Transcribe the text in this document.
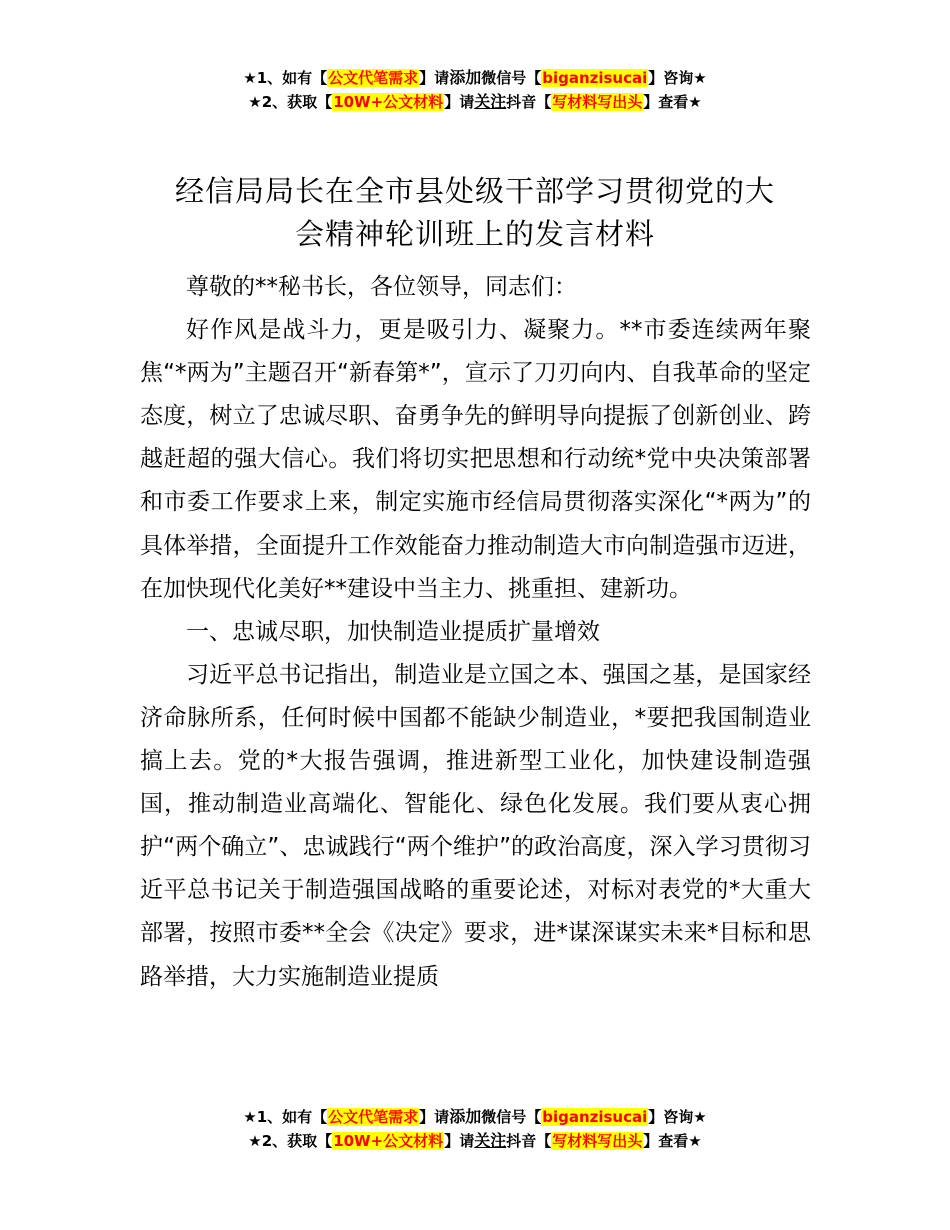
★1、如有【公文代笔需求】请添加微信号【biganzisucai】咨询★
★2、获取【10W+公文材料】请关注抖音【写材料写出头】查看★
经信局局长在全市县处级干部学习贯彻党的大
会精神轮训班上的发言材料

尊敬的**秘书长，各位领导，同志们：

好作风是战斗力，更是吸引力、凝聚力。**市委连续两年聚焦“*两为”主题召开“新春第*”，宣示了刀刃向内、自我革命的坚定态度，树立了忠诚尽职、奋勇争先的鲜明导向提振了创新创业、跨越赶超的强大信心。我们将切实把思想和行动统*党中央决策部署和市委工作要求上来，制定实施市经信局贯彻落实深化“*两为”的具体举措，全面提升工作效能奋力推动制造大市向制造强市迈进，在加快现代化美好**建设中当主力、挑重担、建新功。

一、忠诚尽职，加快制造业提质扩量增效

习近平总书记指出，制造业是立国之本、强国之基，是国家经济命脉所系，任何时候中国都不能缺少制造业，*要把我国制造业搞上去。党的*大报告强调，推进新型工业化，加快建设制造强国，推动制造业高端化、智能化、绿色化发展。我们要从衷心拥护“两个确立”、忠诚践行“两个维护”的政治高度，深入学习贯彻习近平总书记关于制造强国战略的重要论述，对标对表党的*大重大部署，按照市委**全会《决定》要求，进*谋深谋实未来*目标和思路举措，大力实施制造业提质

★1、如有【公文代笔需求】请添加微信号【biganzisucai】咨询★
★2、获取【10W+公文材料】请关注抖音【写材料写出头】查看★
